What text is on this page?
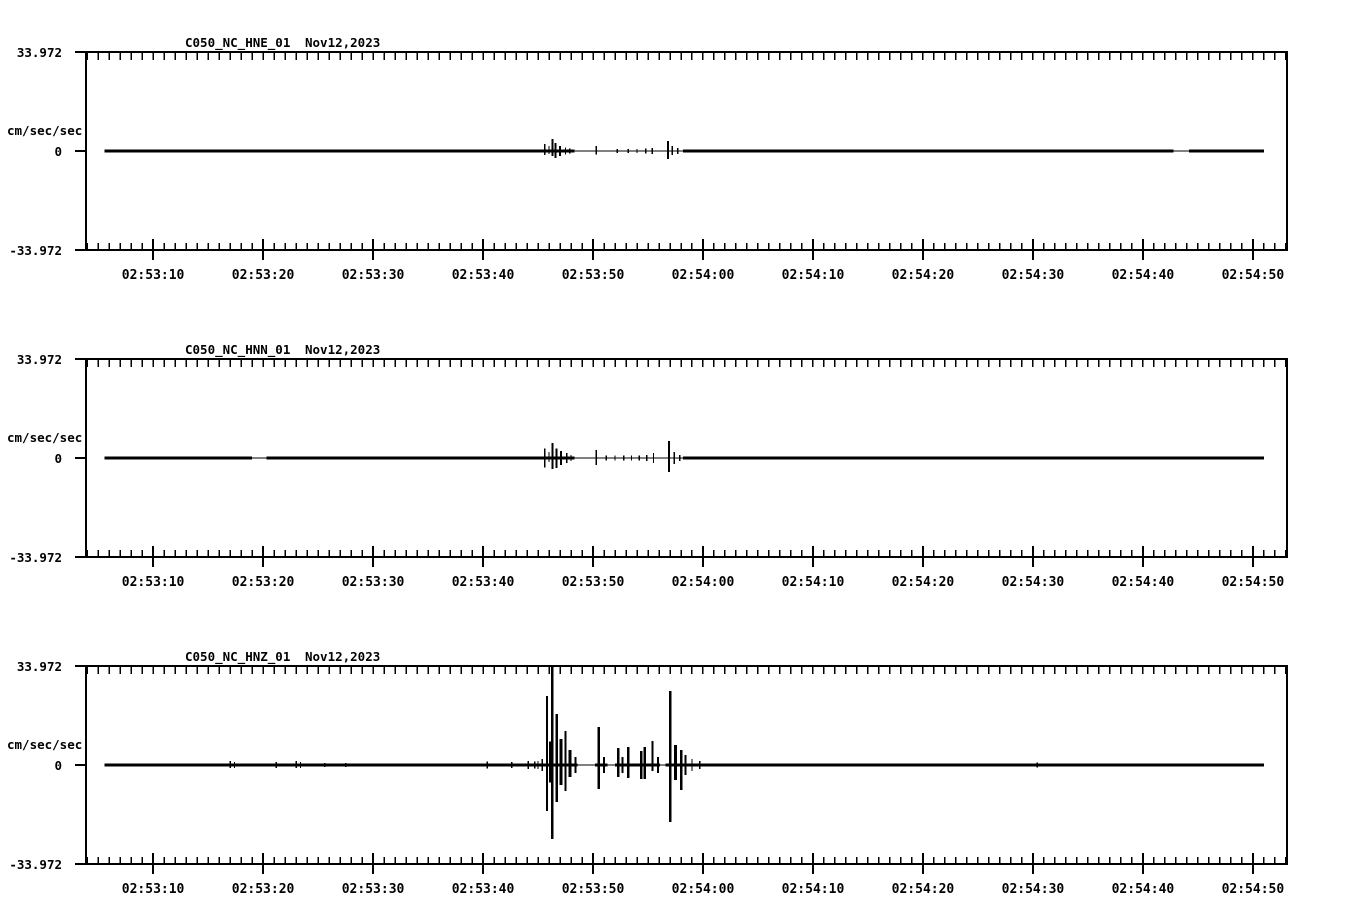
C050_NC_HNE_01 Nov12,2023
33.972
cm/sec/sec
0
-33.972
02:53:10	02:53:20	02:53:30	02:53:40	02:53:50	02:54:00	02:54:10	02:54:20	02:54:30	02:54:40	02:54:50
C050_NC_HNN_01 Nov12,2023
33.972
cm/sec/sec
0
-33.972
02:53:10	02:53:20	02:53:30	02:53:40	02:53:50	02:54:00	02:54:10	02:54:20	02:54:30	02:54:40	02:54:50
C050_NC_HNZ_01 Nov12,2023
33.972
cm/sec/sec
0
-33.972
02:53:10	02:53:20	02:53:30	02:53:40	02:53:50	02:54:00	02:54:10	02:54:20	02:54:30	02:54:40	02:54:50
